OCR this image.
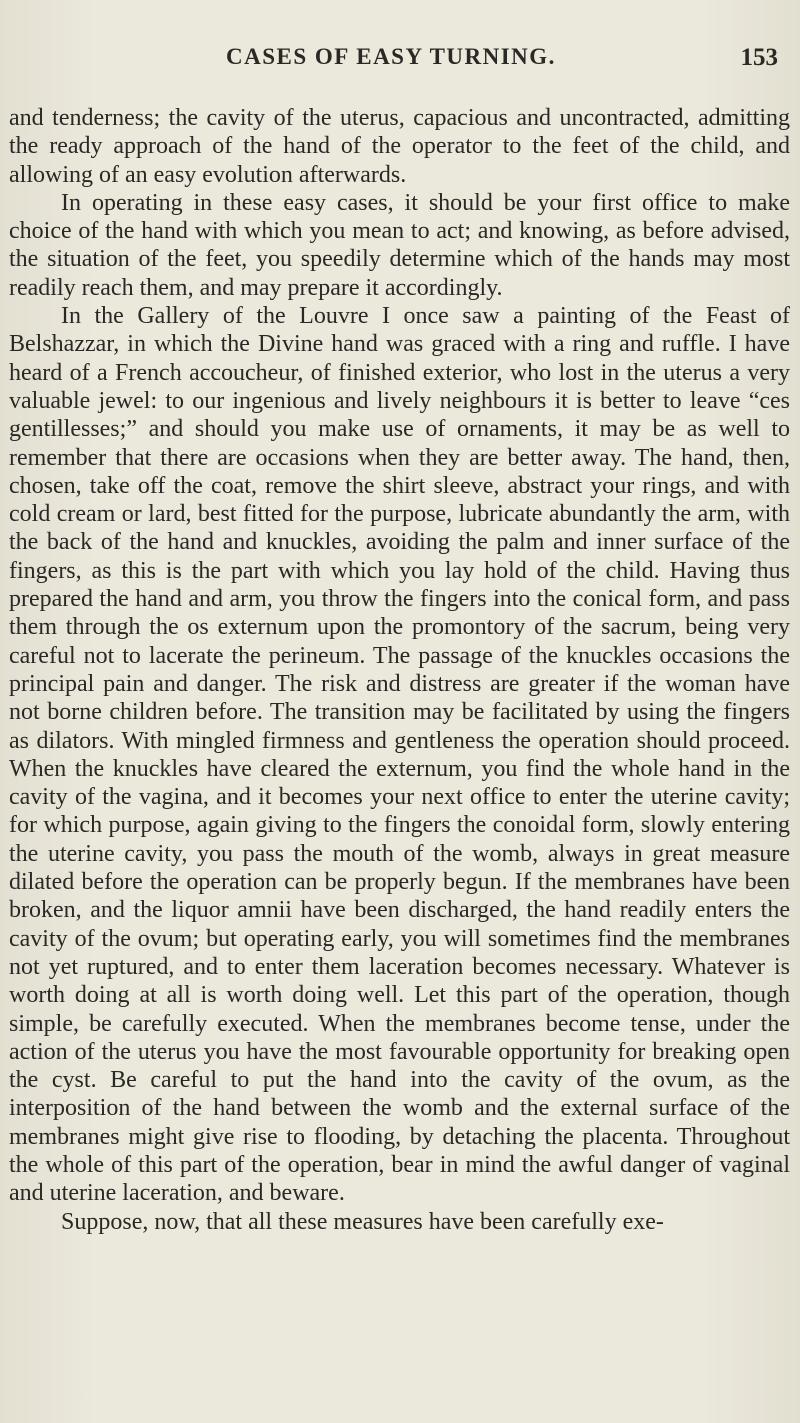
CASES OF EASY TURNING.	153

and tenderness; the cavity of the uterus, capacious and uncontracted, admitting the ready approach of the hand of the operator to the feet of the child, and allowing of an easy evolution afterwards.

In operating in these easy cases, it should be your first office to make choice of the hand with which you mean to act; and knowing, as before advised, the situation of the feet, you speedily determine which of the hands may most readily reach them, and may prepare it accordingly.

In the Gallery of the Louvre I once saw a painting of the Feast of Belshazzar, in which the Divine hand was graced with a ring and ruffle. I have heard of a French accoucheur, of finished exterior, who lost in the uterus a very valuable jewel: to our ingenious and lively neighbours it is better to leave “ces gentillesses;” and should you make use of ornaments, it may be as well to remember that there are occasions when they are better away. The hand, then, chosen, take off the coat, remove the shirt sleeve, abstract your rings, and with cold cream or lard, best fitted for the purpose, lubricate abundantly the arm, with the back of the hand and knuckles, avoiding the palm and inner surface of the fingers, as this is the part with which you lay hold of the child. Having thus prepared the hand and arm, you throw the fingers into the conical form, and pass them through the os externum upon the promontory of the sacrum, being very careful not to lacerate the perineum. The passage of the knuckles occasions the principal pain and danger. The risk and distress are greater if the woman have not borne children before. The transition may be facilitated by using the fingers as dilators. With mingled firmness and gentleness the operation should proceed. When the knuckles have cleared the externum, you find the whole hand in the cavity of the vagina, and it becomes your next office to enter the uterine cavity; for which purpose, again giving to the fingers the conoidal form, slowly entering the uterine cavity, you pass the mouth of the womb, always in great measure dilated before the operation can be properly begun. If the membranes have been broken, and the liquor amnii have been discharged, the hand readily enters the cavity of the ovum; but operating early, you will sometimes find the membranes not yet ruptured, and to enter them laceration becomes necessary. Whatever is worth doing at all is worth doing well. Let this part of the operation, though simple, be carefully executed. When the membranes become tense, under the action of the uterus you have the most favourable opportunity for breaking open the cyst. Be careful to put the hand into the cavity of the ovum, as the interposition of the hand between the womb and the external surface of the membranes might give rise to flooding, by detaching the placenta. Throughout the whole of this part of the operation, bear in mind the awful danger of vaginal and uterine laceration, and beware.

Suppose, now, that all these measures have been carefully exe-
